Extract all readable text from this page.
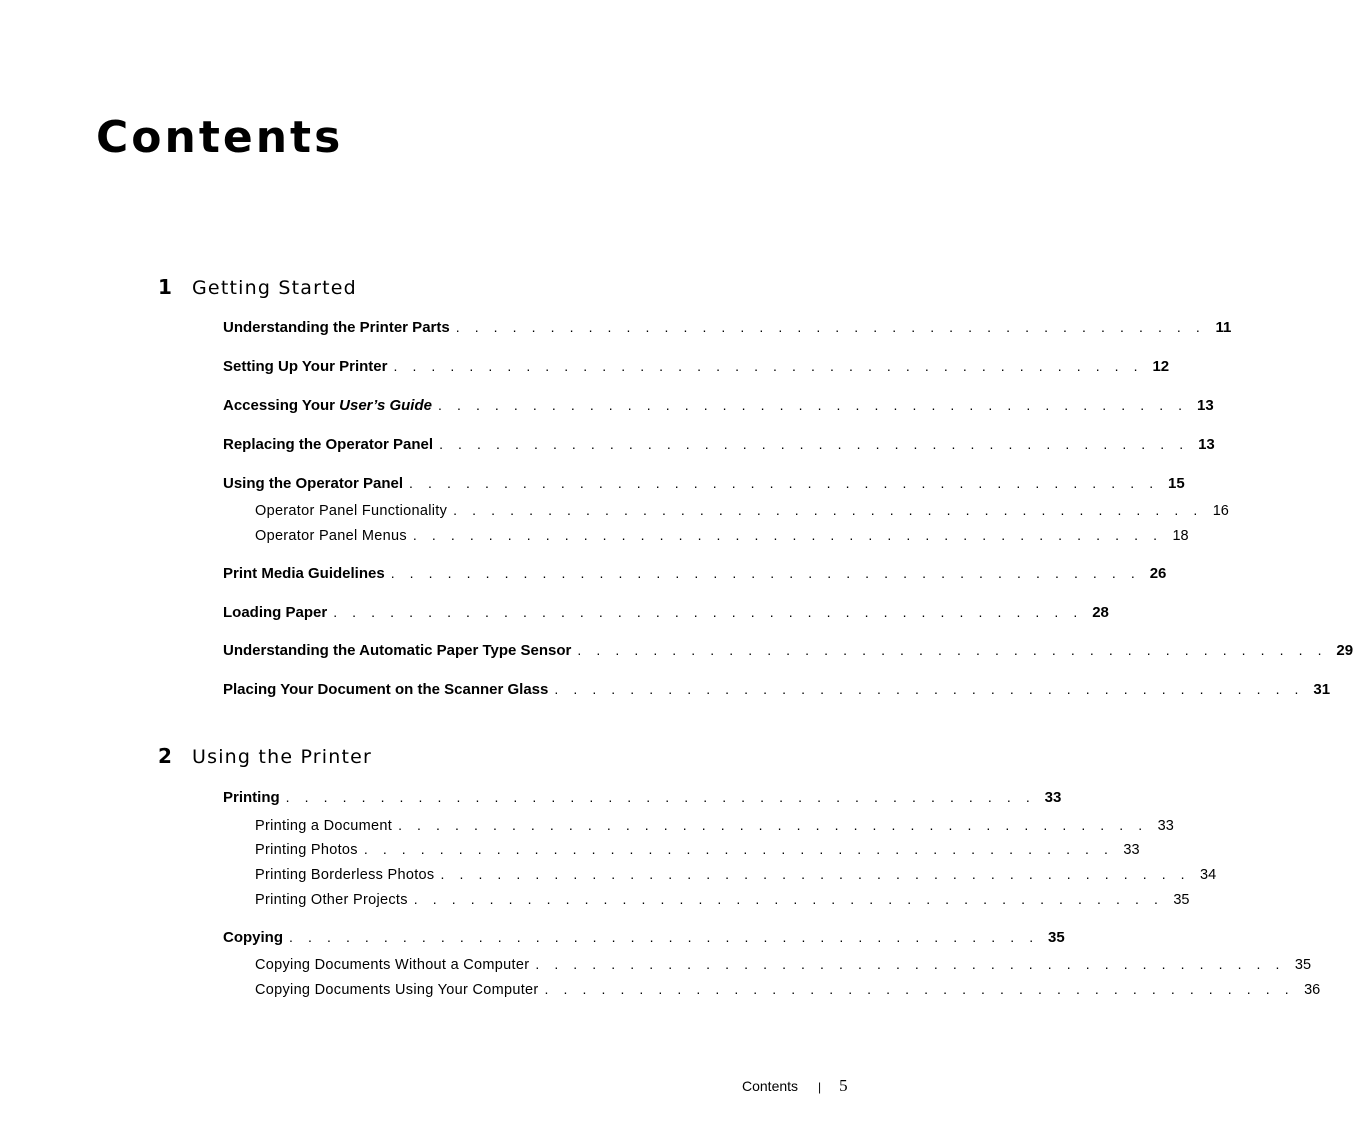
Contents
1	Getting Started
Understanding the Printer Parts . . . . . . . . . . . . . . . . . . . . . . . . . . . . . . . . . . . . . . . . 11
Setting Up Your Printer . . . . . . . . . . . . . . . . . . . . . . . . . . . . . . . . . . . . . . . . 12
Accessing Your User’s Guide . . . . . . . . . . . . . . . . . . . . . . . . . . . . . . . . . . . . . . . . 13
Replacing the Operator Panel . . . . . . . . . . . . . . . . . . . . . . . . . . . . . . . . . . . . . . . . 13
Using the Operator Panel . . . . . . . . . . . . . . . . . . . . . . . . . . . . . . . . . . . . . . . . 15
Operator Panel Functionality . . . . . . . . . . . . . . . . . . . . . . . . . . . . . . . . . . . . . . . . 16
Operator Panel Menus . . . . . . . . . . . . . . . . . . . . . . . . . . . . . . . . . . . . . . . . 18
Print Media Guidelines . . . . . . . . . . . . . . . . . . . . . . . . . . . . . . . . . . . . . . . . 26
Loading Paper . . . . . . . . . . . . . . . . . . . . . . . . . . . . . . . . . . . . . . . . 28
Understanding the Automatic Paper Type Sensor . . . . . . . . . . . . . . . . . . . . . . . . . . . . . . . . . . . . . . . . 29
Placing Your Document on the Scanner Glass . . . . . . . . . . . . . . . . . . . . . . . . . . . . . . . . . . . . . . . . 31
2	Using the Printer
Printing . . . . . . . . . . . . . . . . . . . . . . . . . . . . . . . . . . . . . . . . 33
Printing a Document . . . . . . . . . . . . . . . . . . . . . . . . . . . . . . . . . . . . . . . . 33
Printing Photos . . . . . . . . . . . . . . . . . . . . . . . . . . . . . . . . . . . . . . . . 33
Printing Borderless Photos . . . . . . . . . . . . . . . . . . . . . . . . . . . . . . . . . . . . . . . . 34
Printing Other Projects . . . . . . . . . . . . . . . . . . . . . . . . . . . . . . . . . . . . . . . . 35
Copying . . . . . . . . . . . . . . . . . . . . . . . . . . . . . . . . . . . . . . . . 35
Copying Documents Without a Computer . . . . . . . . . . . . . . . . . . . . . . . . . . . . . . . . . . . . . . . . 35
Copying Documents Using Your Computer . . . . . . . . . . . . . . . . . . . . . . . . . . . . . . . . . . . . . . . . 36
Contents | 5
